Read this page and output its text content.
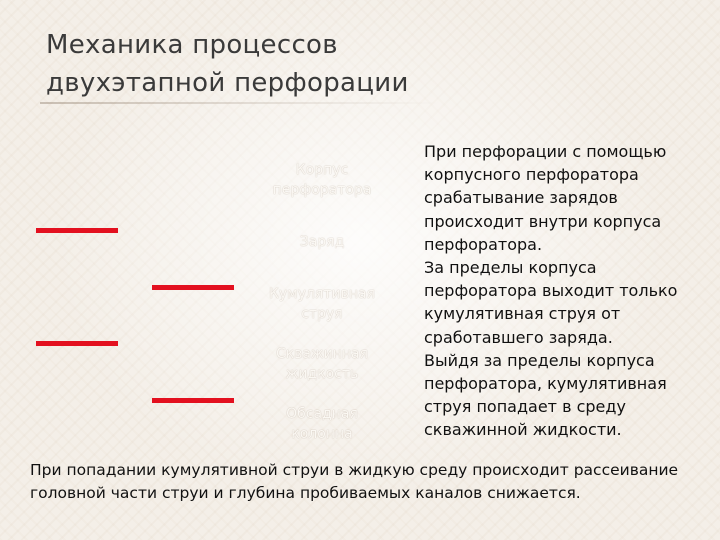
Механика процессов
двухэтапной перфорации
Корпус
перфоратора
Заряд
Кумулятивная
струя
Скважинная
жидкость
Обсадная
колонна
При перфорации с помощью
корпусного перфоратора
срабатывание зарядов
происходит внутри корпуса
перфоратора.
За пределы корпуса
перфоратора выходит только
кумулятивная струя от
сработавшего заряда.
Выйдя за пределы корпуса
перфоратора, кумулятивная
струя попадает в среду
скважинной жидкости.
При попадании кумулятивной струи в жидкую среду происходит рассеивание
головной части струи и глубина пробиваемых каналов снижается.
